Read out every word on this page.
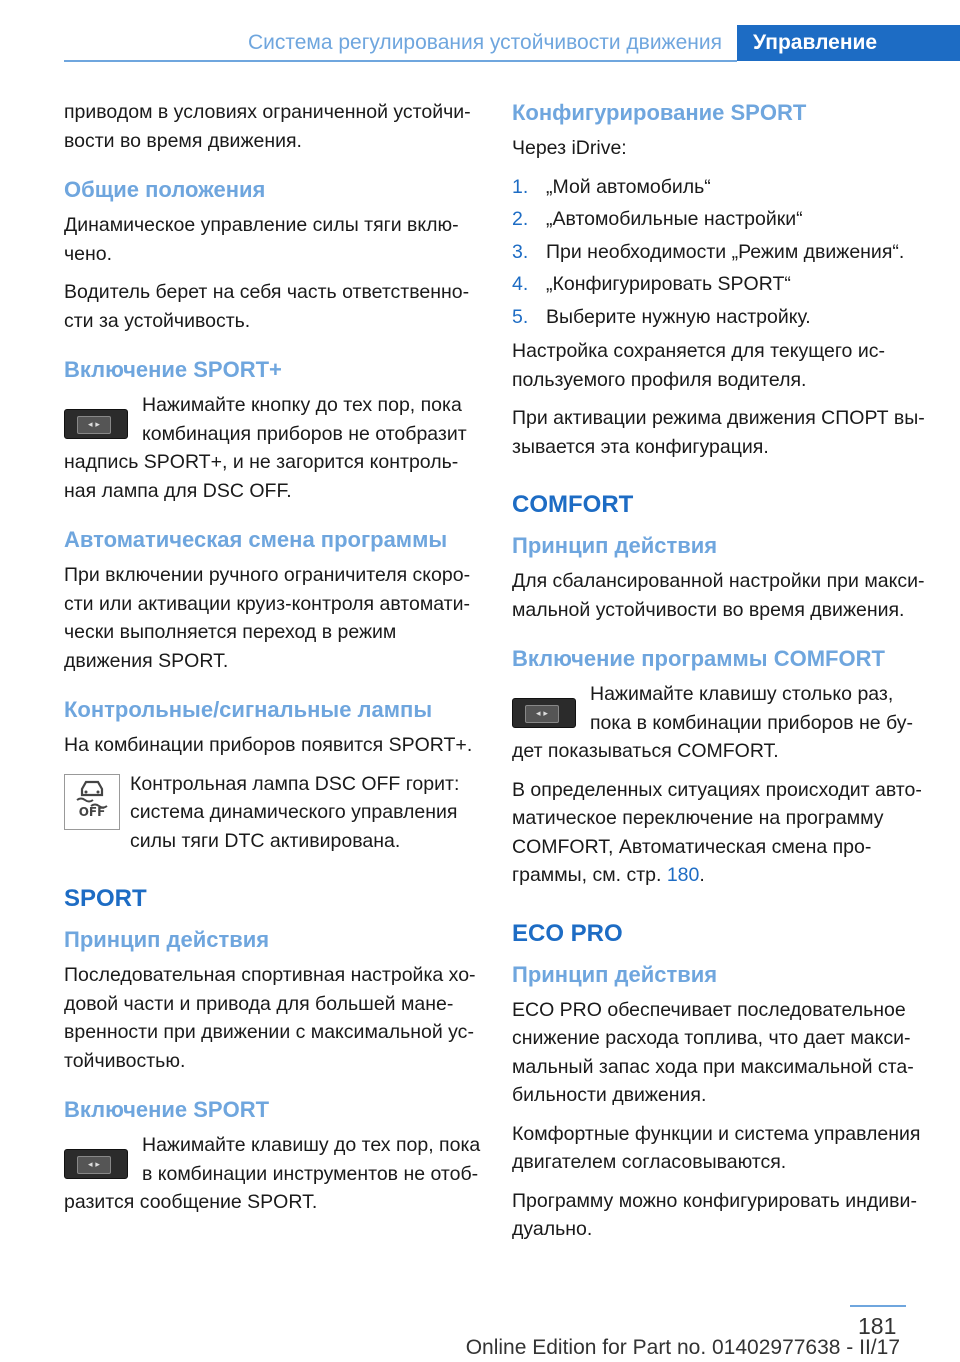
Система регулирования устойчивости движения	Управление

приводом в условиях ограниченной устойчивости во время движения.

Общие положения

Динамическое управление силы тяги включено.

Водитель берет на себя часть ответственности за устойчивость.

Включение SPORT+
◂ ▸
Нажимайте кнопку до тех пор, пока комбинация приборов не отобразит надпись SPORT+, и не загорится контрольная лампа для DSC OFF.
Автоматическая смена программы

При включении ручного ограничителя скорости или активации круиз-контроля автоматически выполняется переход в режим движения SPORT.

Контрольные/сигнальные лампы

На комбинации приборов появится SPORT+.

OFF
Контрольная лампа DSC OFF горит: система динамического управления силы тяги DTC активирована.
SPORT
Принцип действия

Последовательная спортивная настройка ходовой части и привода для большей маневренности при движении с максимальной устойчивостью.

Включение SPORT
◂ ▸
Нажимайте клавишу до тех пор, пока в комбинации инструментов не отобразится сообщение SPORT.
Конфигурирование SPORT

Через iDrive:

1. „Мой автомобиль“
2. „Автомобильные настройки“
3. При необходимости „Режим движения“.
4. „Конфигурировать SPORT“
5. Выберите нужную настройку.

Настройка сохраняется для текущего используемого профиля водителя.

При активации режима движения СПОРТ вызывается эта конфигурация.

COMFORT
Принцип действия

Для сбалансированной настройки при максимальной устойчивости во время движения.

Включение программы COMFORT
◂ ▸
Нажимайте клавишу столько раз, пока в комбинации приборов не будет показываться COMFORT.

В определенных ситуациях происходит автоматическое переключение на программу COMFORT, Автоматическая смена программы, см. стр. 180.

ECO PRO
Принцип действия

ECO PRO обеспечивает последовательное снижение расхода топлива, что дает максимальный запас хода при максимальной стабильности движения.

Комфортные функции и система управления двигателем согласовываются.

Программу можно конфигурировать индивидуально.

181
Online Edition for Part no. 01402977638 - II/17
